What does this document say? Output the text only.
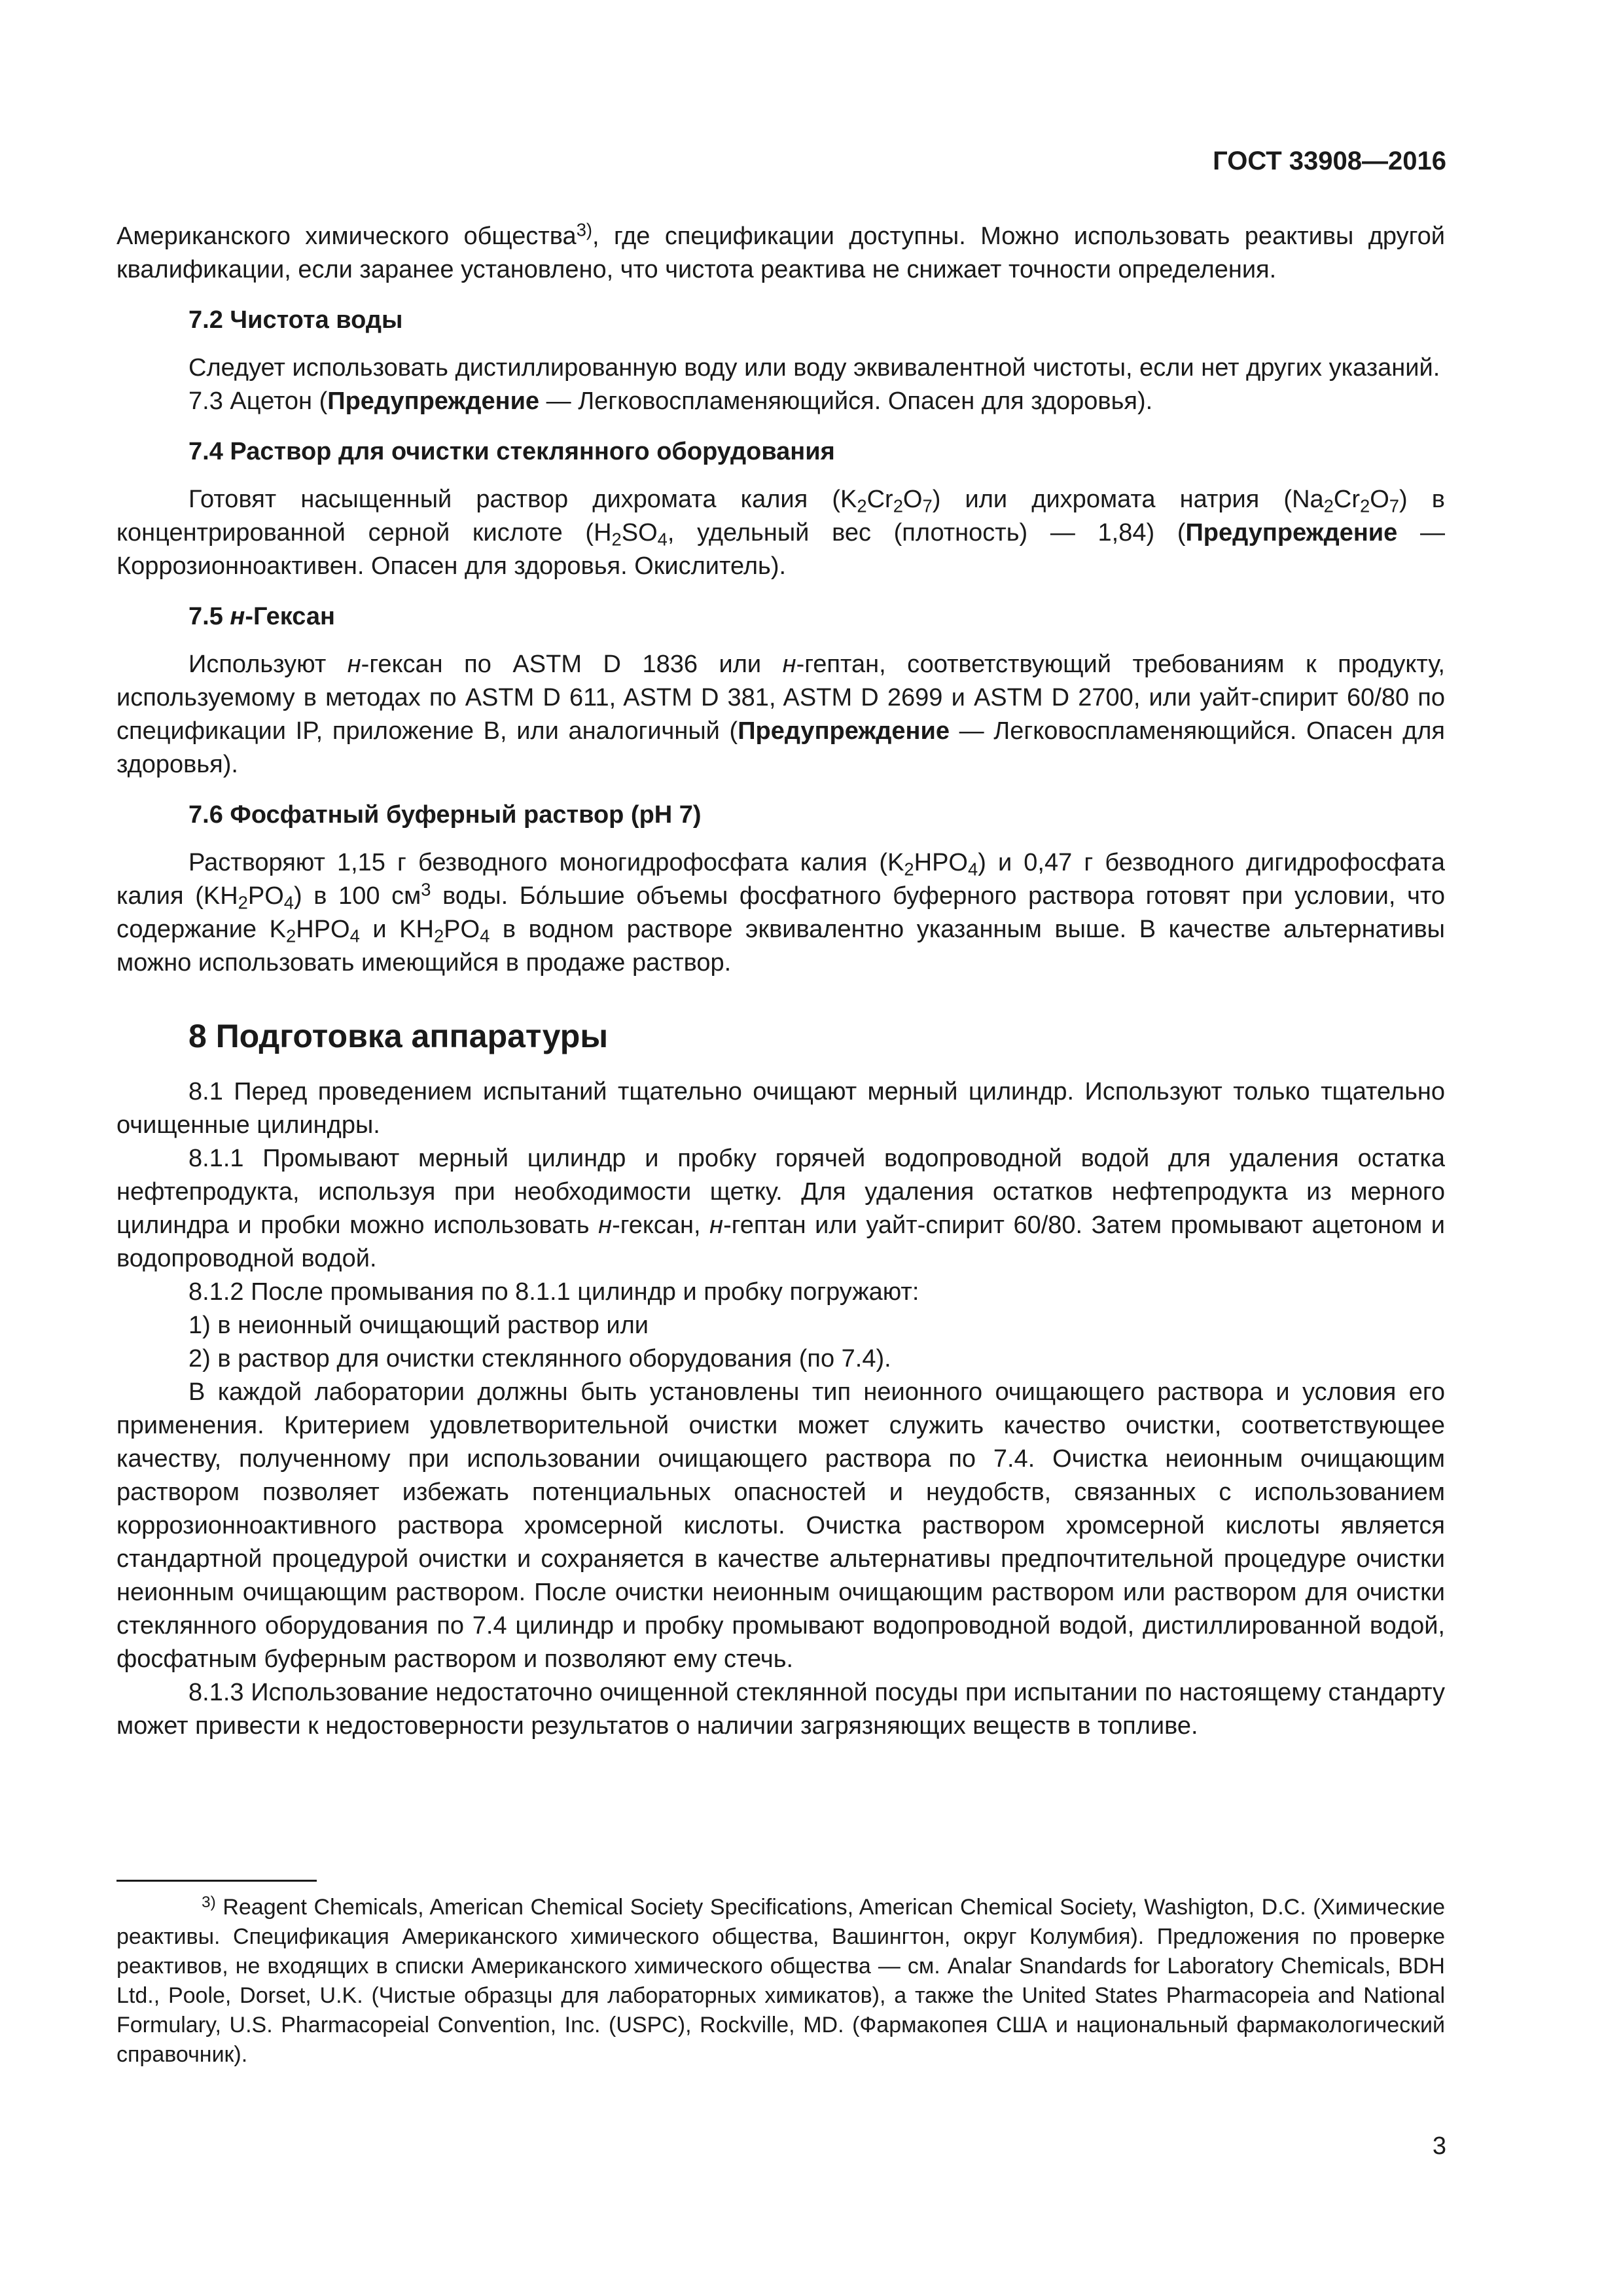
ГОСТ 33908—2016

Американского химического общества$^{3)}$, где спецификации доступны. Можно использовать реактивы другой квалификации, если заранее установлено, что чистота реактива не снижает точности определения.

7.2 Чистота воды

Следует использовать дистиллированную воду или воду эквивалентной чистоты, если нет других указаний.

7.3 Ацетон (Предупреждение — Легковоспламеняющийся. Опасен для здоровья).

7.4 Раствор для очистки стеклянного оборудования

Готовят насыщенный раствор дихромата калия $(K_2Cr_2O_7)$ или дихромата натрия $(Na_2Cr_2O_7)$ в концентрированной серной кислоте ($H_2SO_4$, удельный вес (плотность) — 1,84) (Предупреждение — Коррозионноактивен. Опасен для здоровья. Окислитель).

7.5 н-Гексан

Используют н-гексан по ASTM D 1836 или н-гептан, соответствующий требованиям к продукту, используемому в методах по ASTM D 611, ASTM D 381, ASTM D 2699 и ASTM D 2700, или уайт-спирит 60/80 по спецификации IP, приложение B, или аналогичный (Предупреждение — Легковоспламеняющийся. Опасен для здоровья).

7.6 Фосфатный буферный раствор (pH 7)

Растворяют 1,15 г безводного моногидрофосфата калия $(K_2HPO_4)$ и 0,47 г безводного дигидрофосфата калия $(KH_2PO_4)$ в 100 $см^3$ воды. Бо́льшие объемы фосфатного буферного раствора готовят при условии, что содержание $K_2HPO_4$ и $KH_2PO_4$ в водном растворе эквивалентно указанным выше. В качестве альтернативы можно использовать имеющийся в продаже раствор.

8 Подготовка аппаратуры

8.1 Перед проведением испытаний тщательно очищают мерный цилиндр. Используют только тщательно очищенные цилиндры.

8.1.1 Промывают мерный цилиндр и пробку горячей водопроводной водой для удаления остатка нефтепродукта, используя при необходимости щетку. Для удаления остатков нефтепродукта из мерного цилиндра и пробки можно использовать н-гексан, н-гептан или уайт-спирит 60/80. Затем промывают ацетоном и водопроводной водой.

8.1.2 После промывания по 8.1.1 цилиндр и пробку погружают:

1) в неионный очищающий раствор или

2) в раствор для очистки стеклянного оборудования (по 7.4).

В каждой лаборатории должны быть установлены тип неионного очищающего раствора и условия его применения. Критерием удовлетворительной очистки может служить качество очистки, соответствующее качеству, полученному при использовании очищающего раствора по 7.4. Очистка неионным очищающим раствором позволяет избежать потенциальных опасностей и неудобств, связанных с использованием коррозионноактивного раствора хромсерной кислоты. Очистка раствором хромсерной кислоты является стандартной процедурой очистки и сохраняется в качестве альтернативы предпочтительной процедуре очистки неионным очищающим раствором. После очистки неионным очищающим раствором или раствором для очистки стеклянного оборудования по 7.4 цилиндр и пробку промывают водопроводной водой, дистиллированной водой, фосфатным буферным раствором и позволяют ему стечь.

8.1.3 Использование недостаточно очищенной стеклянной посуды при испытании по настоящему стандарту может привести к недостоверности результатов о наличии загрязняющих веществ в топливе.

$^{3)}$ Reagent Chemicals, American Chemical Society Specifications, American Chemical Society, Washigton, D.C. (Химические реактивы. Спецификация Американского химического общества, Вашингтон, округ Колумбия). Предложения по проверке реактивов, не входящих в списки Американского химического общества — см. Analar Snandards for Laboratory Chemicals, BDH Ltd., Poole, Dorset, U.K. (Чистые образцы для лабораторных химикатов), а также the United States Pharmacopeia and National Formulary, U.S. Pharmacopeial Convention, Inc. (USPC), Rockville, MD. (Фармакопея США и национальный фармакологический справочник).

3
